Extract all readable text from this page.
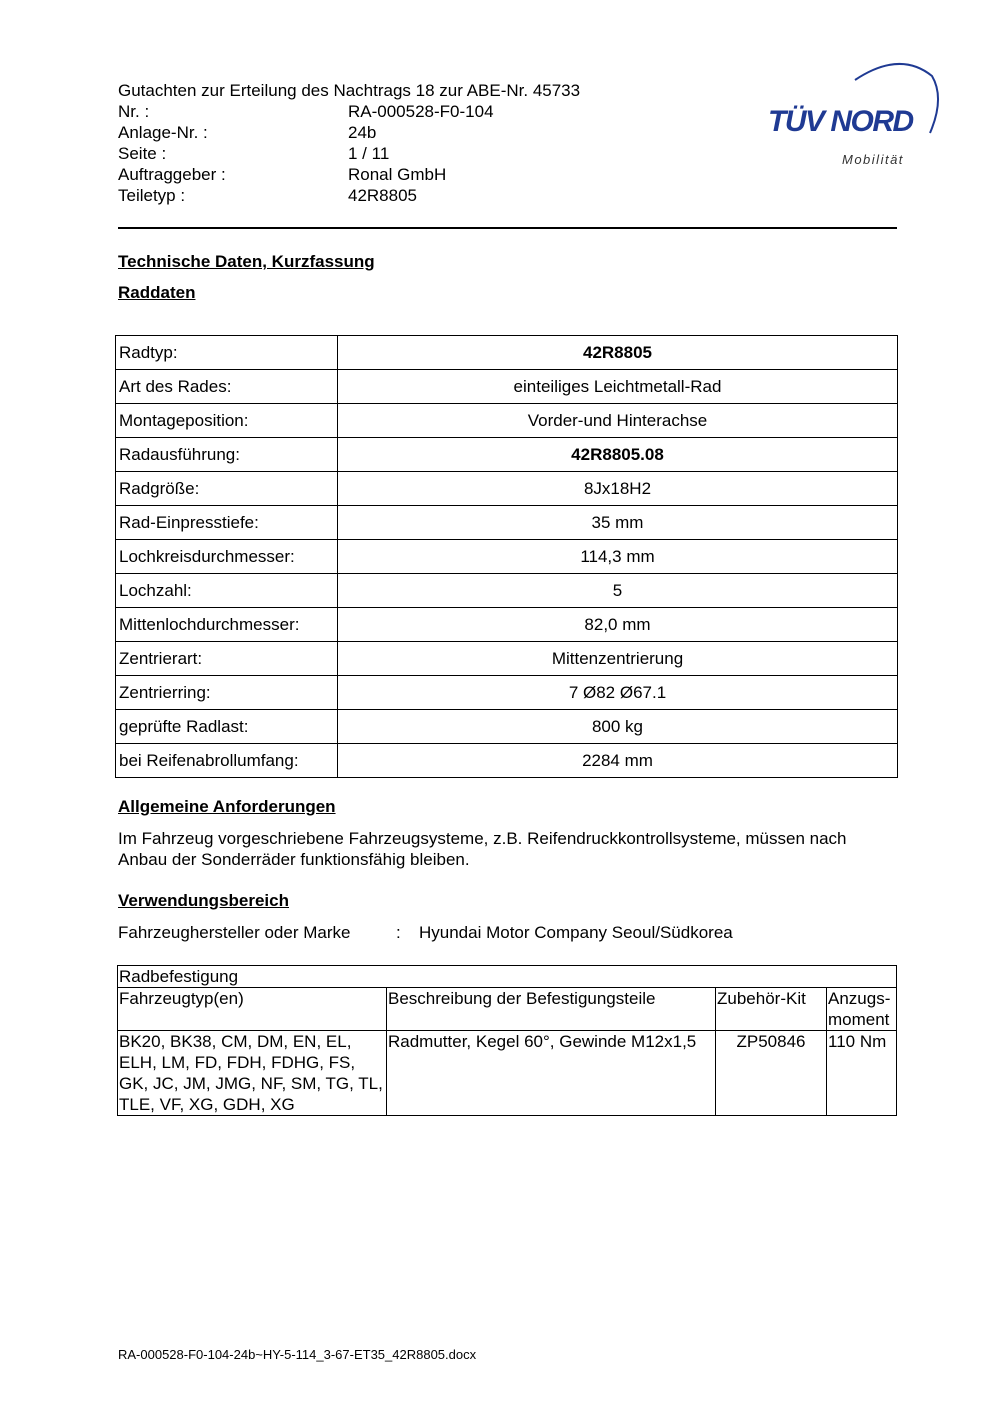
Gutachten zur Erteilung des Nachtrags 18 zur ABE-Nr. 45733
Nr. :	RA-000528-F0-104
Anlage-Nr. :	24b
Seite :	1 / 11
Auftraggeber :	Ronal GmbH
Teiletyp :	42R8805
TÜV NORD
Mobilität
Technische Daten, Kurzfassung
Raddaten
Radtyp:	42R8805
Art des Rades:	einteiliges Leichtmetall-Rad
Montageposition:	Vorder-und Hinterachse
Radausführung:	42R8805.08
Radgröße:	8Jx18H2
Rad-Einpresstiefe:	35 mm
Lochkreisdurchmesser:	114,3 mm
Lochzahl:	5
Mittenlochdurchmesser:	82,0 mm
Zentrierart:	Mittenzentrierung
Zentrierring:	7 Ø82 Ø67.1
geprüfte Radlast:	800 kg
bei Reifenabrollumfang:	2284 mm
Allgemeine Anforderungen
Im Fahrzeug vorgeschriebene Fahrzeugsysteme, z.B. Reifendruckkontrollsysteme, müssen nach Anbau der Sonderräder funktionsfähig bleiben.
Verwendungsbereich
Fahrzeughersteller oder Marke	:	Hyundai Motor Company Seoul/Südkorea
Radbefestigung			
Fahrzeugtyp(en)	Beschreibung der Befestigungsteile	Zubehör-Kit	Anzugs-moment
BK20, BK38, CM, DM, EN, EL, ELH, LM, FD, FDH, FDHG, FS, GK, JC, JM, JMG, NF, SM, TG, TL, TLE, VF, XG, GDH, XG	Radmutter, Kegel 60°, Gewinde M12x1,5	ZP50846	110 Nm
RA-000528-F0-104-24b~HY-5-114_3-67-ET35_42R8805.docx
